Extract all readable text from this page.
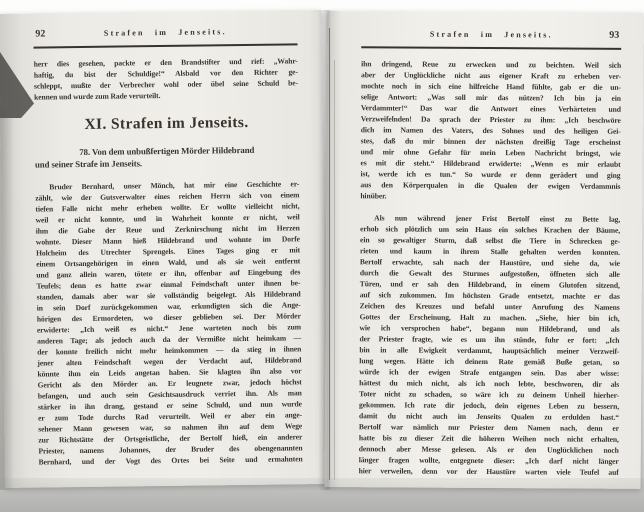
92	Strafen im Jenseits.
herr dies gesehen, packte er den Brandstifter und rief: „Wahr-
haftig, du bist der Schuldige!“ Alsbald vor den Richter ge-
schleppt, mußte der Verbrecher wohl oder übel seine Schuld be-
kennen und wurde zum Rade verurteilt.
XI. Strafen im Jenseits.
78. Von dem unbußfertigen Mörder Hildebrand
und seiner Strafe im Jenseits.
Bruder Bernhard, unser Mönch, hat mir eine Geschichte er-
zählt, wie der Gutsverwalter eines reichen Herrn sich von einem
tiefen Falle nicht mehr erheben wollte. Er wollte vielleicht nicht,
weil er nicht konnte, und in Wahrheit konnte er nicht, weil
ihm die Gabe der Reue und Zerknirschung nicht im Herzen
wohnte. Dieser Mann hieß Hildebrand und wohnte im Dorfe
Holcheim des Utrechter Sprengels. Eines Tages ging er mit
einem Ortsangehörigen in einen Wald, und als sie weit entfernt
und ganz allein waren, tötete er ihn, offenbar auf Eingebung des
Teufels; denn es hatte zwar einmal Feindschaft unter ihnen be-
standen, damals aber war sie vollständig beigelegt. Als Hildebrand
in sein Dorf zurückgekommen war, erkundigten sich die Ange-
hörigen des Ermordeten, wo dieser geblieben sei. Der Mörder
erwiderte: „Ich weiß es nicht.“ Jene warteten noch bis zum
anderen Tage; als jedoch auch da der Vermißte nicht heimkam —
der konnte freilich nicht mehr heimkommen — da stieg in ihnen
jener alten Feindschaft wegen der Verdacht auf, Hildebrand
könnte ihm ein Leids angetan haben. Sie klagten ihn also vor
Gericht als den Mörder an. Er leugnete zwar, jedoch höchst
befangen, und auch sein Gesichtsausdruck verriet ihn. Als man
stärker in ihn drang, gestand er seine Schuld, und nun wurde
er zum Tode durchs Rad verurteilt. Weil er aber ein ange-
sehener Mann gewesen war, so nahmen ihn auf dem Wege
zur Richtstätte der Ortsgeistliche, der Bertolf hieß, ein anderer
Priester, namens Johannes, der Bruder des obengenannten
Bernhard, und der Vogt des Ortes bei Seite und ermahnten
Strafen im Jenseits.	93
ihn dringend, Reue zu erwecken und zu beichten. Weil sich
aber der Unglückliche nicht aus eigener Kraft zu erheben ver-
mochte noch in sich eine hilfreiche Hand fühlte, gab er die un-
selige Antwort: „Was soll mir das nützen? Ich bin ja ein
Verdammter!“ Das war die Antwort eines Verhärteten und
Verzweifelnden! Da sprach der Priester zu ihm: „Ich beschwöre
dich im Namen des Vaters, des Sohnes und des heiligen Gei-
stes, daß du mir binnen der nächsten dreißig Tage erscheinst
und mir ohne Gefahr für mein Leben Nachricht bringst, wie
es mit dir steht.“ Hildebrand erwiderte: „Wenn es mir erlaubt
ist, werde ich es tun.“ So wurde er denn gerädert und ging
aus den Körperqualen in die Qualen der ewigen Verdammnis
hinüber.
Als nun während jener Frist Bertolf einst zu Bette lag,
erhob sich plötzlich um sein Haus ein solches Krachen der Bäume,
ein so gewaltiger Sturm, daß selbst die Tiere in Schrecken ge-
rieten und kaum in ihrem Stalle gehalten werden konnten.
Bertolf erwachte, sah nach der Haustüre, und siehe da, wie
durch die Gewalt des Sturmes aufgestoßen, öffneten sich alle
Türen, und er sah den Hildebrand, in einem Glutofen sitzend,
auf sich zukommen. Im höchsten Grade entsetzt, machte er das
Zeichen des Kreuzes und befahl unter Anrufung des Namens
Gottes der Erscheinung, Halt zu machen. „Siehe, hier bin ich,
wie ich versprochen habe“, begann nun Hildebrand, und als
der Priester fragte, wie es um ihn stünde, fuhr er fort: „Ich
bin in alle Ewigkeit verdammt, hauptsächlich meiner Verzweif-
lung wegen. Hätte ich deinem Rate gemäß Buße getan, so
würde ich der ewigen Strafe entgangen sein. Das aber wisse:
hättest du mich nicht, als ich noch lebte, beschworen, dir als
Toter nicht zu schaden, so wäre ich zu deinem Unheil hierher-
gekommen. Ich rate dir jedoch, dein eigenes Leben zu bessern,
damit du nicht auch im Jenseits Qualen zu erdulden hast.“
Bertolf war nämlich nur Priester dem Namen nach, denn er
hatte bis zu dieser Zeit die höheren Weihen noch nicht erhalten,
dennoch aber Messe gelesen. Als er den Unglücklichen noch
länger fragen wollte, entgegnete dieser: „Ich darf nicht länger
hier verweilen, denn vor der Haustüre warten viele Teufel auf
